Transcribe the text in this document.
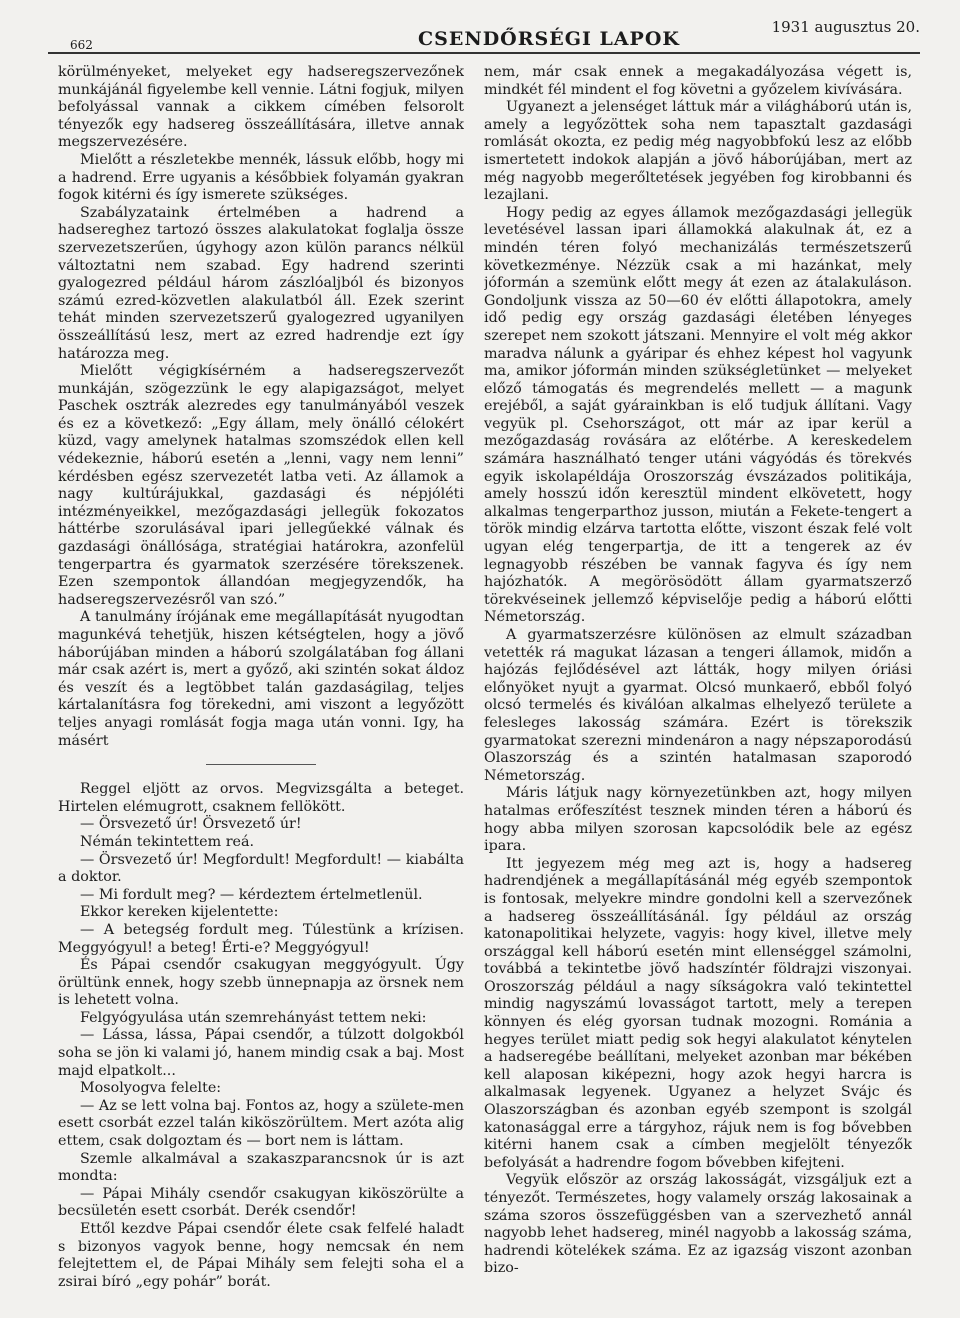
662	CSENDŐRSÉGI LAPOK
1931 augusztus 20.

körülményeket, melyeket egy hadseregszervezőnek munkájánál figyelembe kell vennie. Látni fogjuk, milyen befolyással vannak a cikkem címében felsorolt tényezők egy hadsereg összeállítására, illetve annak megszervezésére.

Mielőtt a részletekbe mennék, lássuk előbb, hogy mi a hadrend. Erre ugyanis a későbbiek folyamán gyakran fogok kitérni és így ismerete szükséges.

Szabályzataink értelmében a hadrend a hadsereghez tartozó összes alakulatokat foglalja össze szervezetszerűen, úgyhogy azon külön parancs nélkül változtatni nem szabad. Egy hadrend szerinti gyalogezred például három zászlóaljból és bizonyos számú ezred-közvetlen alakulatból áll. Ezek szerint tehát minden szervezetszerű gyalogezred ugyanilyen összeállítású lesz, mert az ezred hadrendje ezt így határozza meg.

Mielőtt végigkísérném a hadseregszervezőt munkáján, szögezzünk le egy alapigazságot, melyet Paschek osztrák alezredes egy tanulmányából veszek és ez a következő: „Egy állam, mely önálló célokért küzd, vagy amelynek hatalmas szomszédok ellen kell védekeznie, háború esetén a „lenni, vagy nem lenni” kérdésben egész szervezetét latba veti. Az államok a nagy kultúrájukkal, gazdasági és népjóléti intézményeikkel, mezőgazdasági jellegük fokozatos háttérbe szorulásával ipari jellegűekké válnak és gazdasági önállósága, stratégiai határokra, azonfelül tengerpartra és gyarmatok szerzésére törekszenek. Ezen szempontok állandóan megjegyzendők, ha hadseregszervezésről van szó.”

A tanulmány írójának eme megállapítását nyugodtan magunkévá tehetjük, hiszen kétségtelen, hogy a jövő háborújában minden a háború szolgálatában fog állani már csak azért is, mert a győző, aki szintén sokat áldoz és veszít és a legtöbbet talán gazdaságilag, teljes kártalanításra fog törekedni, ami viszont a legyőzött teljes anyagi romlását fogja maga után vonni. Igy, ha másért

Reggel eljött az orvos. Megvizsgálta a beteget. Hirtelen elémugrott, csaknem fellökött.

— Örsvezető úr! Örsvezető úr!

Némán tekintettem reá.

— Örsvezető úr! Megfordult! Megfordult! — kiabálta a doktor.

— Mi fordult meg? — kérdeztem értelmetlenül.

Ekkor kereken kijelentette:

— A betegség fordult meg. Túlestünk a krízisen. Meggyógyul! a beteg! Érti-e? Meggyógyul!

És Pápai csendőr csakugyan meggyógyult. Úgy örültünk ennek, hogy szebb ünnepnapja az örsnek nem is lehetett volna.

Felgyógyulása után szemrehányást tettem neki:

— Lássa, lássa, Pápai csendőr, a túlzott dolgokból soha se jön ki valami jó, hanem mindig csak a baj. Most majd elpatkolt...

Mosolyogva felelte:

— Az se lett volna baj. Fontos az, hogy a születe-men esett csorbát ezzel talán kiköszörültem. Mert azóta alig ettem, csak dolgoztam és — bort nem is láttam.

Szemle alkalmával a szakaszparancsnok úr is azt mondta:

— Pápai Mihály csendőr csakugyan kiköszörülte a becsületén esett csorbát. Derék csendőr!

Ettől kezdve Pápai csendőr élete csak felfelé haladt s bizonyos vagyok benne, hogy nemcsak én nem felejtettem el, de Pápai Mihály sem felejti soha el a zsirai bíró „egy pohár” borát.

nem, már csak ennek a megakadályozása végett is, mindkét fél mindent el fog követni a győzelem kivívására.

Ugyanezt a jelenséget láttuk már a világháború után is, amely a legyőzöttek soha nem tapasztalt gazdasági romlását okozta, ez pedig még nagyobbfokú lesz az előbb ismertetett indokok alapján a jövő háborújában, mert az még nagyobb megerőltetések jegyében fog kirobbanni és lezajlani.

Hogy pedig az egyes államok mezőgazdasági jellegük levetésével lassan ipari államokká alakulnak át, ez a mindén téren folyó mechanizálás természetszerű következménye. Nézzük csak a mi hazánkat, mely jóformán a szemünk előtt megy át ezen az átalakuláson. Gondoljunk vissza az 50—60 év előtti állapotokra, amely idő pedig egy ország gazdasági életében lényeges szerepet nem szokott játszani. Mennyire el volt még akkor maradva nálunk a gyáripar és ehhez képest hol vagyunk ma, amikor jóformán minden szükségletünket — melyeket előző támogatás és megrendelés mellett — a magunk erejéből, a saját gyárainkban is elő tudjuk állítani. Vagy vegyük pl. Csehországot, ott már az ipar kerül a mezőgazdaság rovására az előtérbe. A kereskedelem számára használható tenger utáni vágyódás és törekvés egyik iskolapéldája Oroszország évszázados politikája, amely hosszú időn keresztül mindent elkövetett, hogy alkalmas tengerparthoz jusson, miután a Fekete-tengert a török mindig elzárva tartotta előtte, viszont észak felé volt ugyan elég tengerpartja, de itt a tengerek az év legnagyobb részében be vannak fagyva és így nem hajózhatók. A megörösödött állam gyarmatszerző törekvéseinek jellemző képviselője pedig a háború előtti Németország.

A gyarmatszerzésre különösen az elmult században vetették rá magukat lázasan a tengeri államok, midőn a hajózás fejlődésével azt látták, hogy milyen óriási előnyöket nyujt a gyarmat. Olcsó munkaerő, ebből folyó olcsó termelés és kiválóan alkalmas elhelyező területe a felesleges lakosság számára. Ezért is törekszik gyarmatokat szerezni mindenáron a nagy népszaporodású Olaszország és a szintén hatalmasan szaporodó Németország.

Máris látjuk nagy környezetünkben azt, hogy milyen hatalmas erőfeszítést tesznek minden téren a háború és hogy abba milyen szorosan kapcsolódik bele az egész ipara.

Itt jegyezem még meg azt is, hogy a hadsereg hadrendjének a megállapításánál még egyéb szempontok is fontosak, melyekre mindre gondolni kell a szervezőnek a hadsereg összeállításánál. Így például az ország katonapolitikai helyzete, vagyis: hogy kivel, illetve mely országgal kell háború esetén mint ellenséggel számolni, továbbá a tekintetbe jövő hadszíntér földrajzi viszonyai. Oroszország például a nagy síkságokra való tekintettel mindig nagyszámú lovasságot tartott, mely a terepen könnyen és elég gyorsan tudnak mozogni. Románia a hegyes terület miatt pedig sok hegyi alakulatot kénytelen a hadseregébe beállítani, melyeket azonban mar békében kell alaposan kiképezni, hogy azok hegyi harcra is alkalmasak legyenek. Ugyanez a helyzet Svájc és Olaszországban és azonban egyéb szempont is szolgál katonasággal erre a tárgyhoz, rájuk nem is fog bővebben kitérni hanem csak a címben megjelölt tényezők befolyását a hadrendre fogom bővebben kifejteni.

Vegyük először az ország lakosságát, vizsgáljuk ezt a tényezőt. Természetes, hogy valamely ország lakosainak a száma szoros összefüggésben van a szervezhető annál nagyobb lehet hadsereg, minél nagyobb a lakosság száma, hadrendi kötelékek száma. Ez az igazság viszont azonban bizo-
